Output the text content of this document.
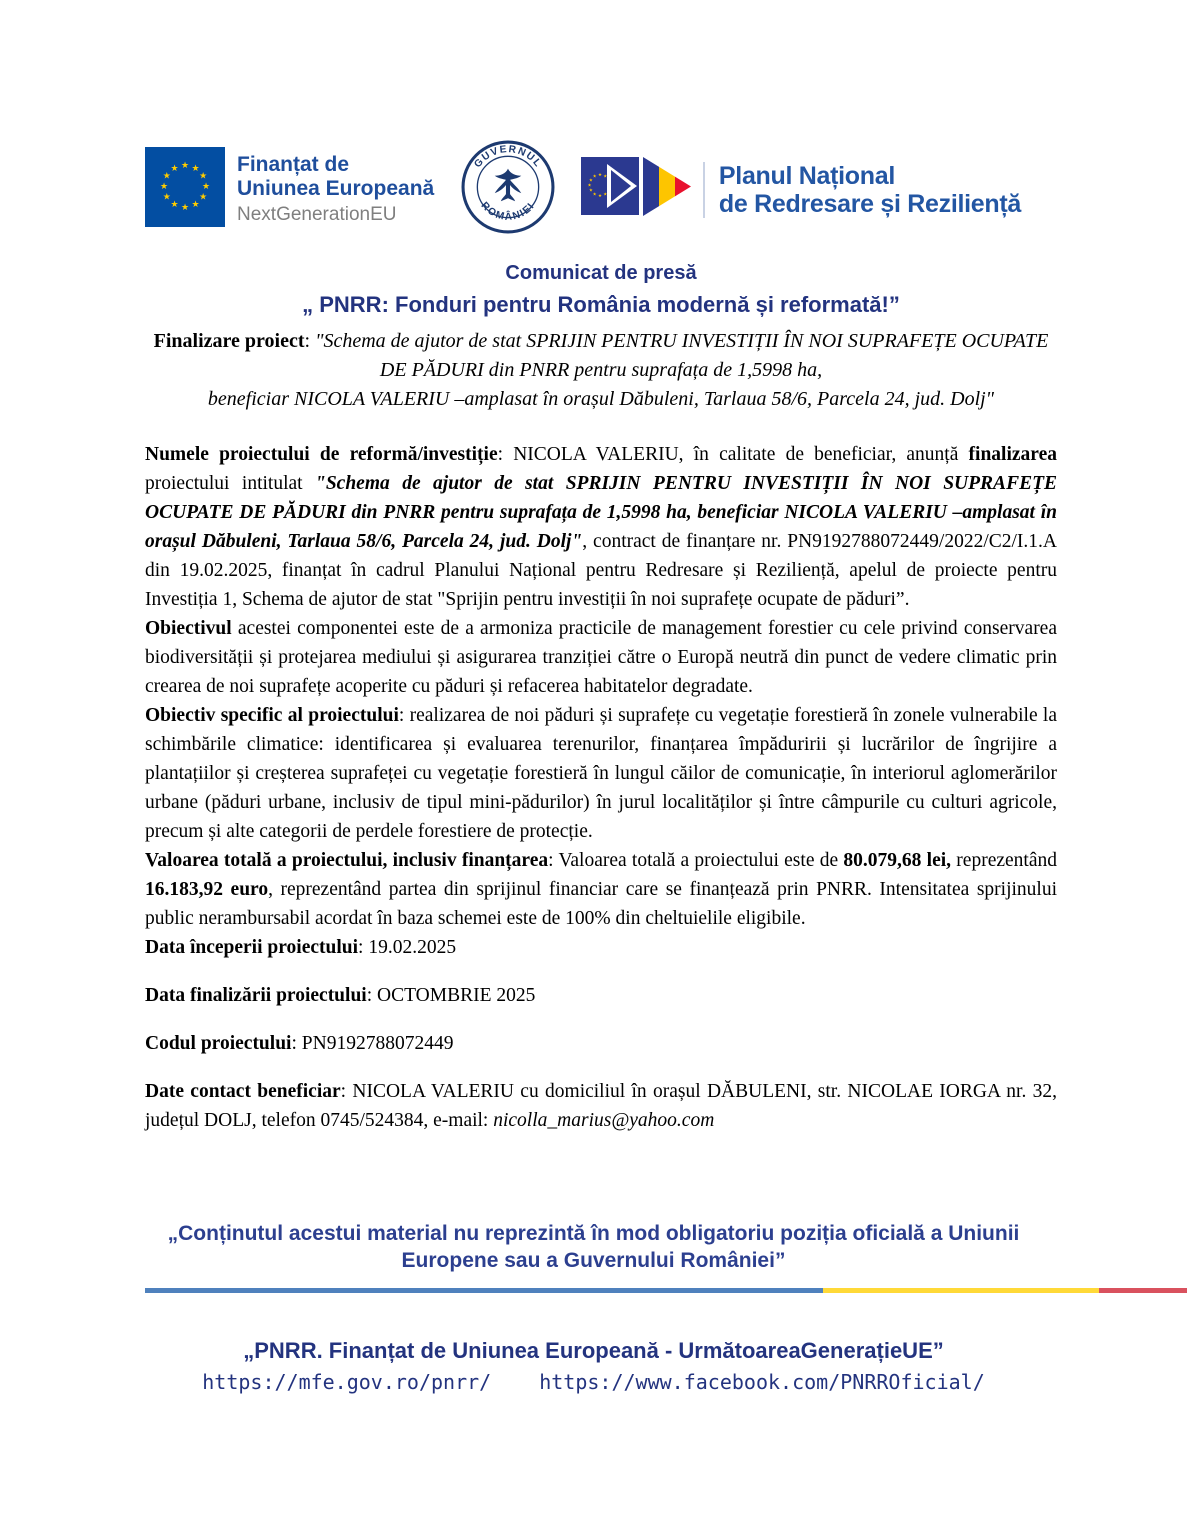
★ ★
★
★
★
★
★
★
★
★
★
★	Finanțat de
Uniunea Europeană
NextGenerationEU
GUVERNUL
ROMÂNIEI
★ ★
★
★
★
★
★
★
★	Planul Național
de Redresare și Reziliență
Comunicat de presă
„ PNRR: Fonduri pentru România modernă și reformată!”
Finalizare proiect: "Schema de ajutor de stat SPRIJIN PENTRU INVESTIȚII ÎN NOI SUPRAFEȚE OCUPATE DE PĂDURI din PNRR pentru suprafața de 1,5998 ha,
beneficiar NICOLA VALERIU –amplasat în orașul Dăbuleni, Tarlaua 58/6, Parcela 24, jud. Dolj"

Numele proiectului de reformă/investiție: NICOLA VALERIU, în calitate de beneficiar, anunță finalizarea proiectului intitulat "Schema de ajutor de stat SPRIJIN PENTRU INVESTIȚII ÎN NOI SUPRAFEȚE OCUPATE DE PĂDURI din PNRR pentru suprafața de 1,5998 ha, beneficiar NICOLA VALERIU –amplasat în orașul Dăbuleni, Tarlaua 58/6, Parcela 24, jud. Dolj", contract de finanțare nr. PN9192788072449/2022/C2/I.1.A din 19.02.2025, finanțat în cadrul Planului Național pentru Redresare și Reziliență, apelul de proiecte pentru Investiția 1, Schema de ajutor de stat "Sprijin pentru investiții în noi suprafețe ocupate de păduri”.

Obiectivul acestei componentei este de a armoniza practicile de management forestier cu cele privind conservarea biodiversității și protejarea mediului și asigurarea tranziției către o Europă neutră din punct de vedere climatic prin crearea de noi suprafețe acoperite cu păduri și refacerea habitatelor degradate.

Obiectiv specific al proiectului: realizarea de noi păduri și suprafețe cu vegetație forestieră în zonele vulnerabile la schimbările climatice: identificarea și evaluarea terenurilor, finanțarea împăduririi și lucrărilor de îngrijire a plantațiilor și creșterea suprafeței cu vegetație forestieră în lungul căilor de comunicație, în interiorul aglomerărilor urbane (păduri urbane, inclusiv de tipul mini-pădurilor) în jurul localităților și între câmpurile cu culturi agricole, precum și alte categorii de perdele forestiere de protecție.

Valoarea totală a proiectului, inclusiv finanțarea: Valoarea totală a proiectului este de 80.079,68 lei, reprezentând 16.183,92 euro, reprezentând partea din sprijinul financiar care se finanțează prin PNRR. Intensitatea sprijinului public nerambursabil acordat în baza schemei este de 100% din cheltuielile eligibile.

Data începerii proiectului: 19.02.2025

Data finalizării proiectului: OCTOMBRIE 2025

Codul proiectului: PN9192788072449

Date contact beneficiar: NICOLA VALERIU cu domiciliul în orașul DĂBULENI, str. NICOLAE IORGA nr. 32, județul DOLJ, telefon 0745/524384, e-mail: nicolla_marius@yahoo.com

„Conținutul acestui material nu reprezintă în mod obligatoriu poziția oficială a Uniunii Europene sau a Guvernului României”
„PNRR. Finanțat de Uniunea Europeană - UrmătoareaGenerațieUE”
https://mfe.gov.ro/pnrr/ https://www.facebook.com/PNRROficial/
